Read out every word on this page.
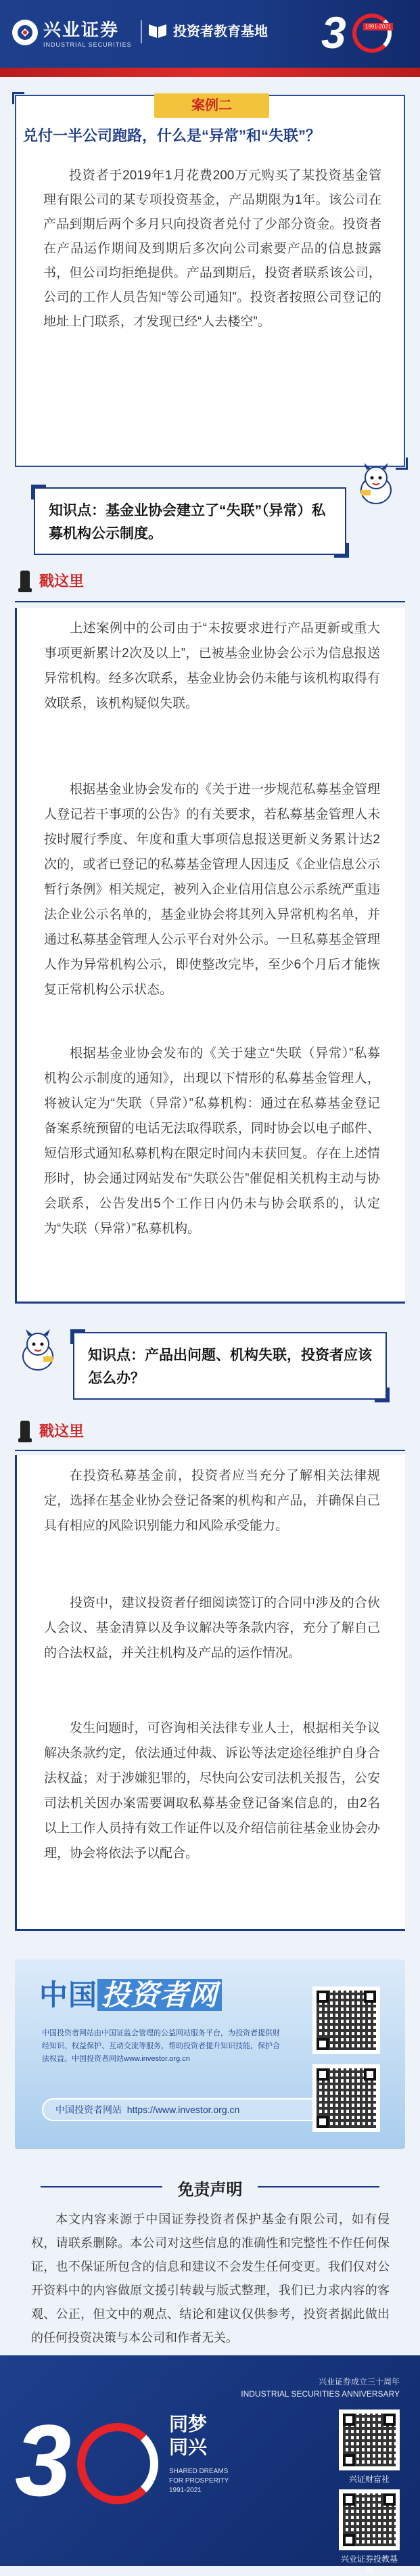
兴业证券
INDUSTRIAL SECURITIES
投资者教育基地 3	1991-2021
案例二
兑付一半公司跑路，什么是“异常”和“失联”？
投资者于2019年1月花费200万元购买了某投资基金管理有限公司的某专项投资基金，产品期限为1年。该公司在产品到期后两个多月只向投资者兑付了少部分资金。投资者在产品运作期间及到期后多次向公司索要产品的信息披露书，但公司均拒绝提供。产品到期后，投资者联系该公司，公司的工作人员告知“等公司通知”。投资者按照公司登记的地址上门联系，才发现已经“人去楼空”。
知识点：基金业协会建立了“失联”（异常）私募机构公示制度。
戳这里
上述案例中的公司由于“未按要求进行产品更新或重大事项更新累计2次及以上”，已被基金业协会公示为信息报送异常机构。经多次联系，基金业协会仍未能与该机构取得有效联系，该机构疑似失联。
根据基金业协会发布的《关于进一步规范私募基金管理人登记若干事项的公告》的有关要求，若私募基金管理人未按时履行季度、年度和重大事项信息报送更新义务累计达2次的，或者已登记的私募基金管理人因违反《企业信息公示暂行条例》相关规定，被列入企业信用信息公示系统严重违法企业公示名单的，基金业协会将其列入异常机构名单，并通过私募基金管理人公示平台对外公示。一旦私募基金管理人作为异常机构公示，即使整改完毕，至少6个月后才能恢复正常机构公示状态。
根据基金业协会发布的《关于建立“失联（异常）”私募机构公示制度的通知》，出现以下情形的私募基金管理人，将被认定为“失联（异常）”私募机构：通过在私募基金登记备案系统预留的电话无法取得联系，同时协会以电子邮件、短信形式通知私募机构在限定时间内未获回复。存在上述情形时，协会通过网站发布“失联公告”催促相关机构主动与协会联系，公告发出5个工作日内仍未与协会联系的，认定为“失联（异常）”私募机构。
知识点：产品出问题、机构失联，投资者应该怎么办？
戳这里
在投资私募基金前，投资者应当充分了解相关法律规定，选择在基金业协会登记备案的机构和产品，并确保自己具有相应的风险识别能力和风险承受能力。
投资中，建议投资者仔细阅读签订的合同中涉及的合伙人会议、基金清算以及争议解决等条款内容，充分了解自己的合法权益，并关注机构及产品的运作情况。
发生问题时，可咨询相关法律专业人士，根据相关争议解决条款约定，依法通过仲裁、诉讼等法定途径维护自身合法权益；对于涉嫌犯罪的，尽快向公安司法机关报告，公安司法机关因办案需要调取私募基金登记备案信息的，由2名以上工作人员持有效工作证件以及介绍信前往基金业协会办理，协会将依法予以配合。
中国 投资者网
中国投资者网站由中国证监会管理的公益网站服务平台，为投资者提供财经知识、权益保护、互动交流等服务，帮助投资者提升知识技能，保护合法权益。中国投资者网站www.investor.org.cn
中国投资者网站 https://www.investor.org.cn
免责声明
本文内容来源于中国证券投资者保护基金有限公司，如有侵权，请联系删除。本公司对这些信息的准确性和完整性不作任何保证，也不保证所包含的信息和建议不会发生任何变更。我们仅对公开资料中的内容做原文援引转载与版式整理，我们已力求内容的客观、公正，但文中的观点、结论和建议仅供参考，投资者据此做出的任何投资决策与本公司和作者无关。
兴业证券成立三十周年
INDUSTRIAL SECURITIES ANNIVERSARY
3	同梦
同兴
SHARED DREAMS
FOR PROSPERITY
1991-2021
兴证财富社
兴业证券投教基地
